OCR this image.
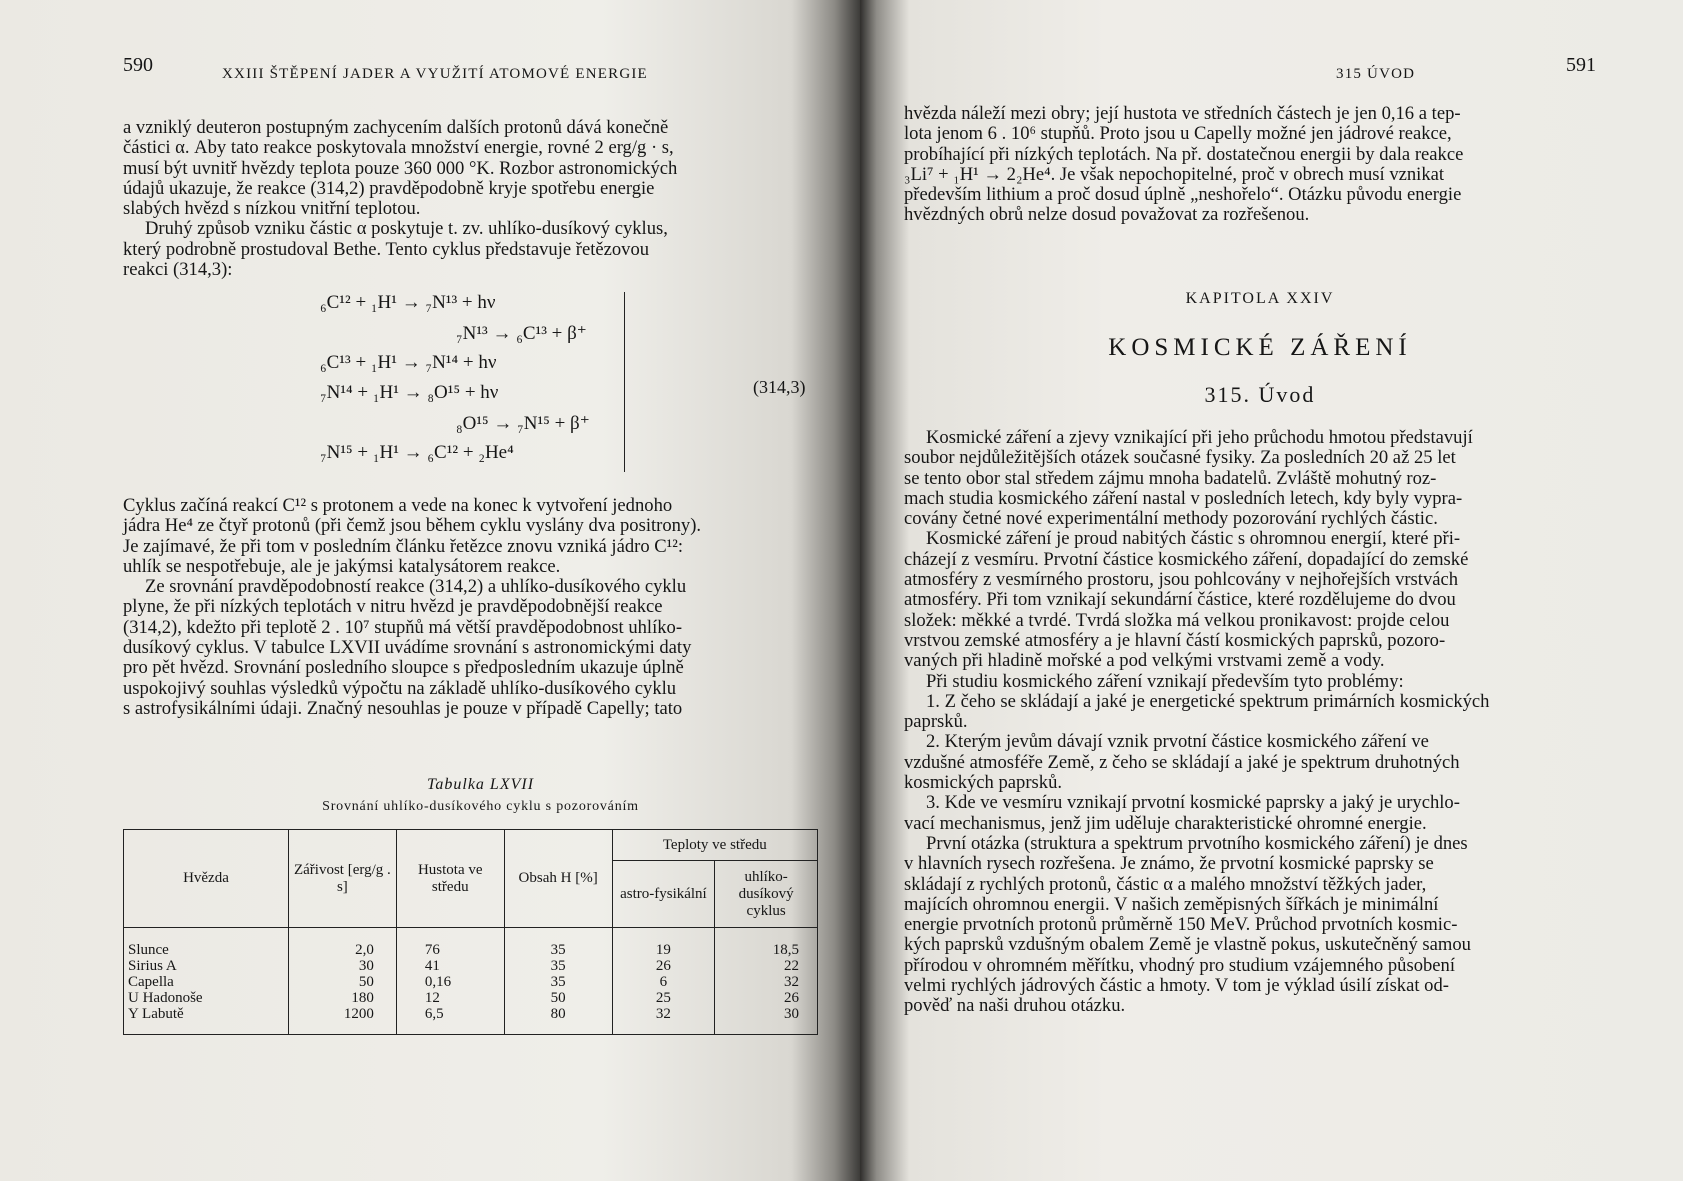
590	XXIII ŠTĚPENÍ JADER A VYUŽITÍ ATOMOVÉ ENERGIE

a vzniklý deuteron postupným zachycením dalších protonů dává konečně
částici α. Aby tato reakce poskytovala množství energie, rovné 2 erg/g · s,
musí být uvnitř hvězdy teplota pouze 360 000 °K. Rozbor astronomických
údajů ukazuje, že reakce (314,2) pravděpodobně kryje spotřebu energie
slabých hvězd s nízkou vnitřní teplotou.

Druhý způsob vzniku částic α poskytuje t. zv. uhlíko-dusíkový cyklus,
který podrobně prostudoval Bethe. Tento cyklus představuje řetězovou
reakci (314,3):

₆C¹² + ₁H¹ → ₇N¹³ + hν
₇N¹³ → ₆C¹³ + β⁺
₆C¹³ + ₁H¹ → ₇N¹⁴ + hν
₇N¹⁴ + ₁H¹ → ₈O¹⁵ + hν
₈O¹⁵ → ₇N¹⁵ + β⁺
₇N¹⁵ + ₁H¹ → ₆C¹² + ₂He⁴
(314,3)

Cyklus začíná reakcí C¹² s protonem a vede na konec k vytvoření jednoho
jádra He⁴ ze čtyř protonů (při čemž jsou během cyklu vyslány dva positrony).
Je zajímavé, že při tom v posledním článku řetězce znovu vzniká jádro C¹²:
uhlík se nespotřebuje, ale je jakýmsi katalysátorem reakce.

Ze srovnání pravděpodobností reakce (314,2) a uhlíko-dusíkového cyklu
plyne, že při nízkých teplotách v nitru hvězd je pravděpodobnější reakce
(314,2), kdežto při teplotě 2 . 10⁷ stupňů má větší pravděpodobnost uhlíko-
dusíkový cyklus. V tabulce LXVII uvádíme srovnání s astronomickými daty
pro pět hvězd. Srovnání posledního sloupce s předposledním ukazuje úplně
uspokojivý souhlas výsledků výpočtu na základě uhlíko-dusíkového cyklu
s astrofysikálními údaji. Značný nesouhlas je pouze v případě Capelly; tato

Tabulka LXVII
Srovnání uhlíko-dusíkového cyklu s pozorováním
Hvězda	Zářivost [erg/g . s]	Hustota ve středu	Obsah H [%]	Teploty ve středu	
				astro-fysikální	uhlíko-dusíkový cyklus
Slunce	2,0	76	35	19	18,5
Sirius A	30	41	35	26	22
Capella	50	0,16	35	6	32
U Hadonoše	180	12	50	25	26
Y Labutě	1200	6,5	80	32	30
315 ÚVOD	591

hvězda náleží mezi obry; její hustota ve středních částech je jen 0,16 a tep-
lota jenom 6 . 10⁶ stupňů. Proto jsou u Capelly možné jen jádrové reakce,
probíhající při nízkých teplotách. Na př. dostatečnou energii by dala reakce
₃Li⁷ + ₁H¹ → 2₂He⁴. Je však nepochopitelné, proč v obrech musí vznikat
především lithium a proč dosud úplně „neshořelo“. Otázku původu energie
hvězdných obrů nelze dosud považovat za rozřešenou.

KAPITOLA XXIV
KOSMICKÉ ZÁŘENÍ
315. Úvod

Kosmické záření a zjevy vznikající při jeho průchodu hmotou představují
soubor nejdůležitějších otázek současné fysiky. Za posledních 20 až 25 let
se tento obor stal středem zájmu mnoha badatelů. Zvláště mohutný roz-
mach studia kosmického záření nastal v posledních letech, kdy byly vypra-
covány četné nové experimentální methody pozorování rychlých částic.

Kosmické záření je proud nabitých částic s ohromnou energií, které při-
cházejí z vesmíru. Prvotní částice kosmického záření, dopadající do zemské
atmosféry z vesmírného prostoru, jsou pohlcovány v nejhořejších vrstvách
atmosféry. Při tom vznikají sekundární částice, které rozdělujeme do dvou
složek: měkké a tvrdé. Tvrdá složka má velkou pronikavost: projde celou
vrstvou zemské atmosféry a je hlavní částí kosmických paprsků, pozoro-
vaných při hladině mořské a pod velkými vrstvami země a vody.

Při studiu kosmického záření vznikají především tyto problémy:

1. Z čeho se skládají a jaké je energetické spektrum primárních kosmických
paprsků.
2. Kterým jevům dávají vznik prvotní částice kosmického záření ve
vzdušné atmosféře Země, z čeho se skládají a jaké je spektrum druhotných
kosmických paprsků.
3. Kde ve vesmíru vznikají prvotní kosmické paprsky a jaký je urychlo-
vací mechanismus, jenž jim uděluje charakteristické ohromné energie.

První otázka (struktura a spektrum prvotního kosmického záření) je dnes
v hlavních rysech rozřešena. Je známo, že prvotní kosmické paprsky se
skládají z rychlých protonů, částic α a malého množství těžkých jader,
majících ohromnou energii. V našich zeměpisných šířkách je minimální
energie prvotních protonů průměrně 150 MeV. Průchod prvotních kosmic-
kých paprsků vzdušným obalem Země je vlastně pokus, uskutečněný samou
přírodou v ohromném měřítku, vhodný pro studium vzájemného působení
velmi rychlých jádrových částic a hmoty. V tom je výklad úsilí získat od-
pověď na naši druhou otázku.
